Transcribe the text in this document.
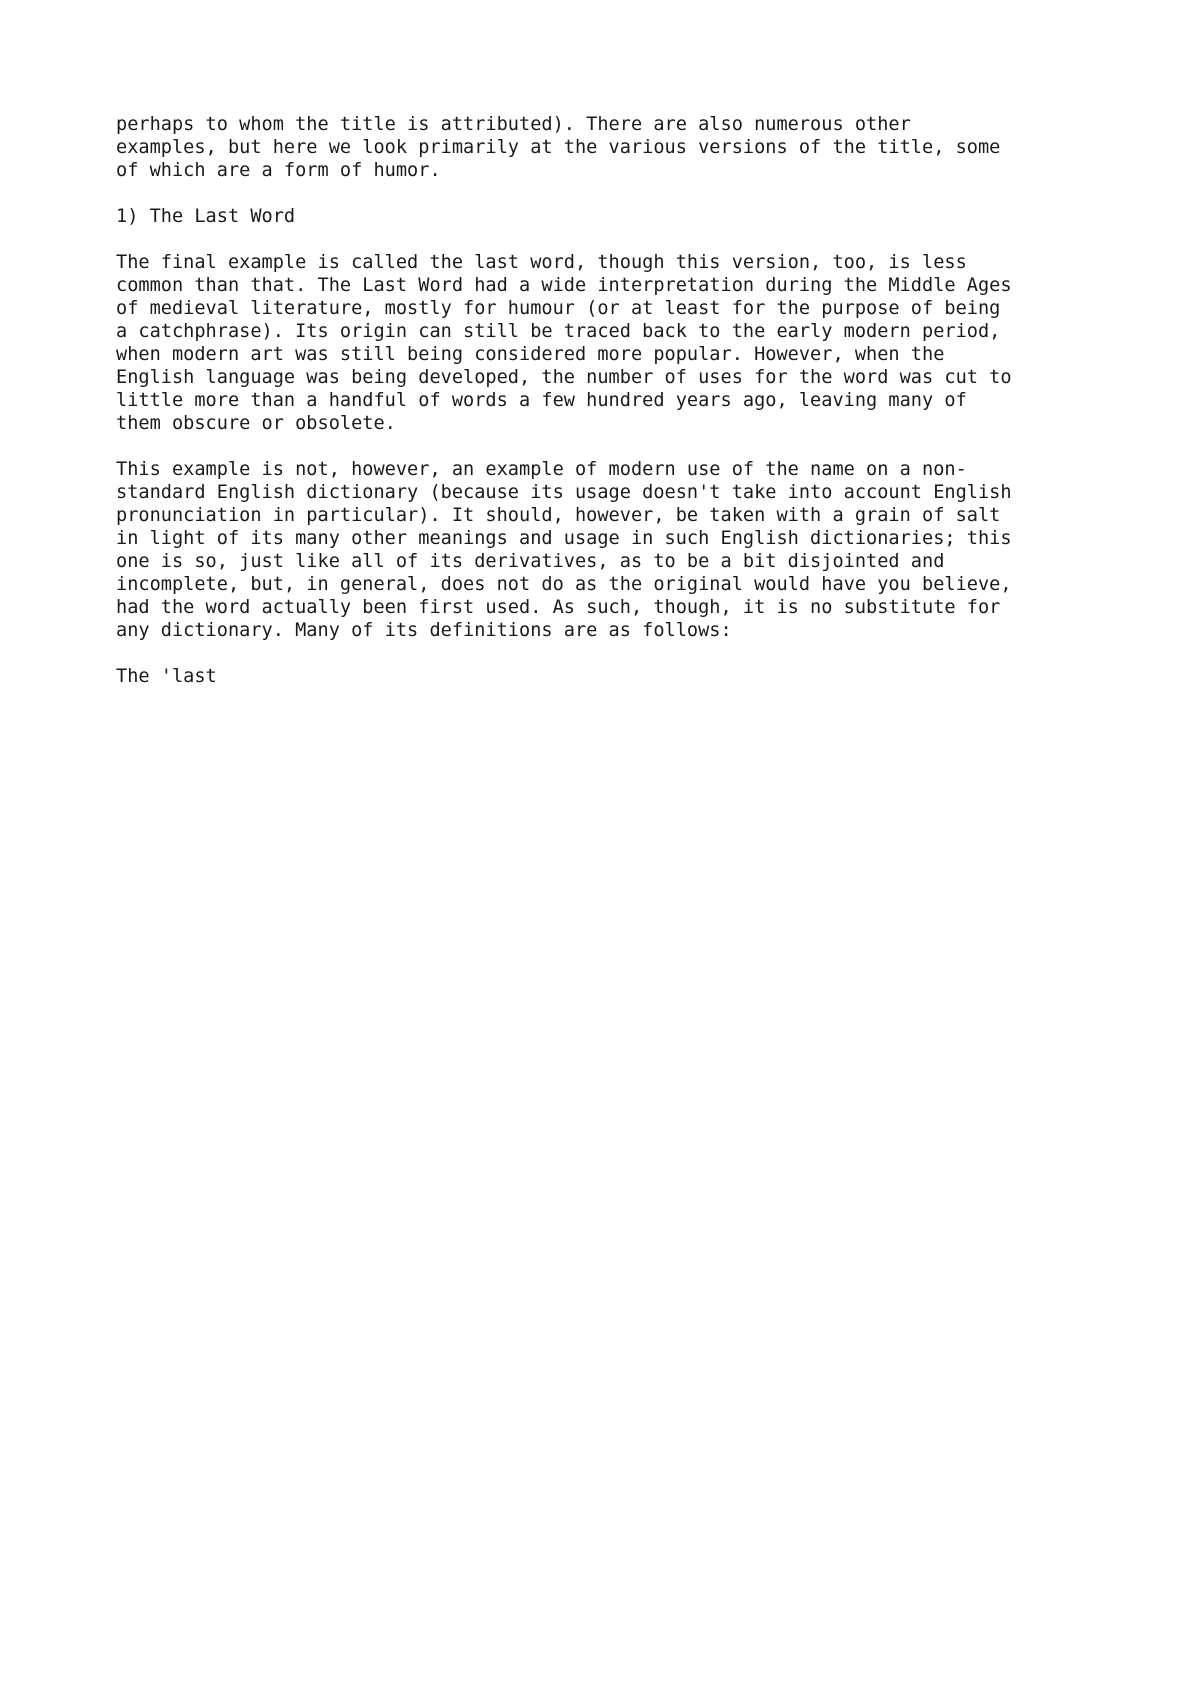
perhaps to whom the title is attributed). There are also numerous other
examples, but here we look primarily at the various versions of the title, some
of which are a form of humor.

1) The Last Word

The final example is called the last word, though this version, too, is less
common than that. The Last Word had a wide interpretation during the Middle Ages
of medieval literature, mostly for humour (or at least for the purpose of being
a catchphrase). Its origin can still be traced back to the early modern period,
when modern art was still being considered more popular. However, when the
English language was being developed, the number of uses for the word was cut to
little more than a handful of words a few hundred years ago, leaving many of
them obscure or obsolete.

This example is not, however, an example of modern use of the name on a non-
standard English dictionary (because its usage doesn't take into account English
pronunciation in particular). It should, however, be taken with a grain of salt
in light of its many other meanings and usage in such English dictionaries; this
one is so, just like all of its derivatives, as to be a bit disjointed and
incomplete, but, in general, does not do as the original would have you believe,
had the word actually been first used. As such, though, it is no substitute for
any dictionary. Many of its definitions are as follows:

The 'last
